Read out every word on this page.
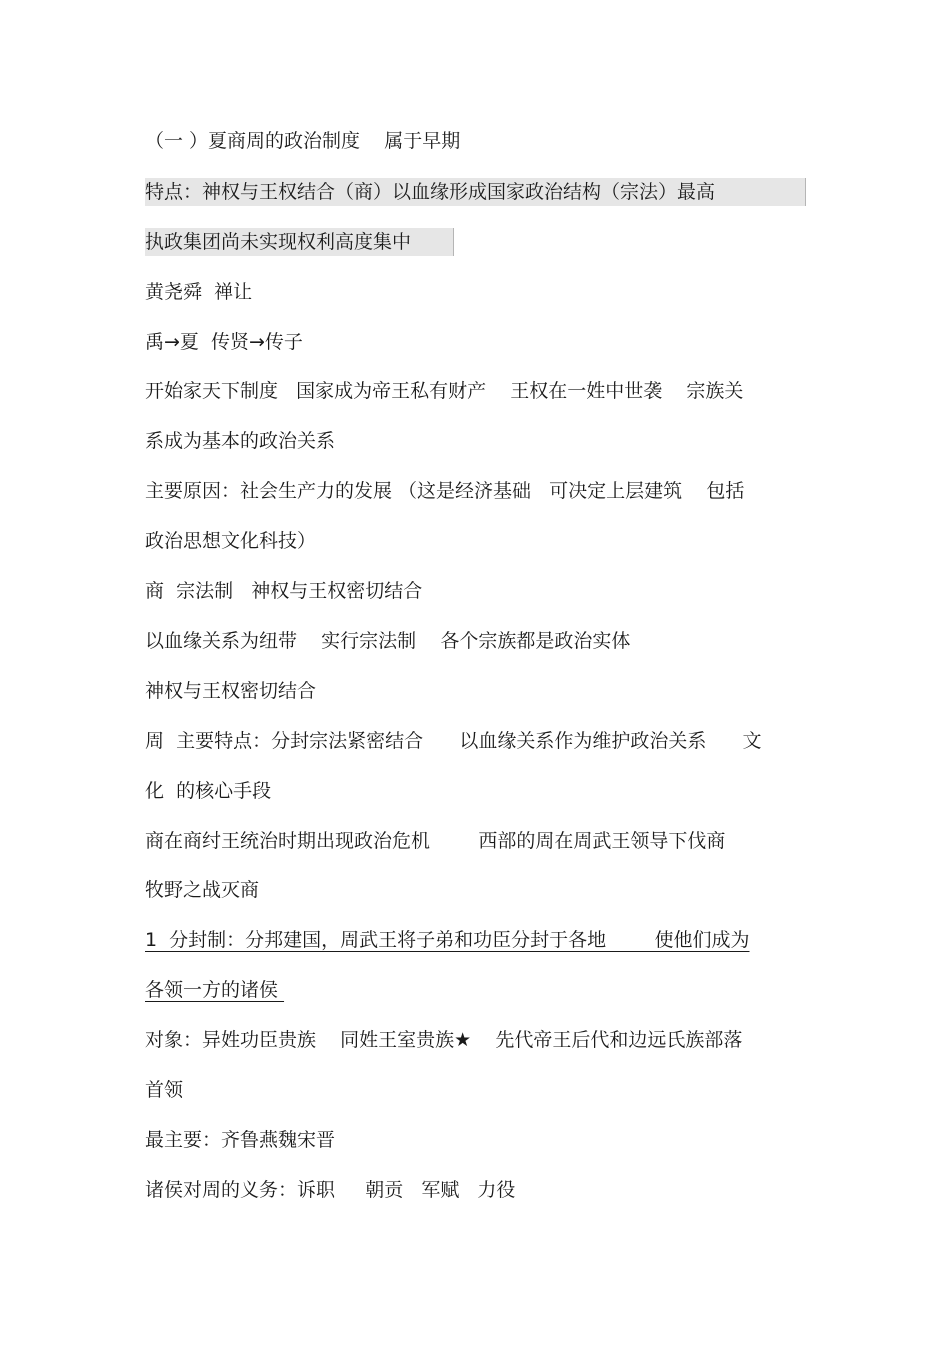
（一 ）夏商周的政治制度    属于早期
特点：神权与王权结合（商）以血缘形成国家政治结构（宗法）最高
执政集团尚未实现权利高度集中
黄尧舜  禅让
禹→夏  传贤→传子
开始家天下制度   国家成为帝王私有财产    王权在一姓中世袭    宗族关
系成为基本的政治关系
主要原因：社会生产力的发展 （这是经济基础   可决定上层建筑    包括
政治思想文化科技）
商  宗法制   神权与王权密切结合
以血缘关系为纽带    实行宗法制    各个宗族都是政治实体
神权与王权密切结合
周  主要特点：分封宗法紧密结合      以血缘关系作为维护政治关系      文
化  的核心手段
商在商纣王统治时期出现政治危机        西部的周在周武王领导下伐商
牧野之战灭商
1  分封制：分邦建国，周武王将子弟和功臣分封于各地        使他们成为
各领一方的诸侯
对象：异姓功臣贵族    同姓王室贵族★    先代帝王后代和边远氏族部落
首领
最主要：齐鲁燕魏宋晋
诸侯对周的义务：诉职     朝贡   军赋   力役
